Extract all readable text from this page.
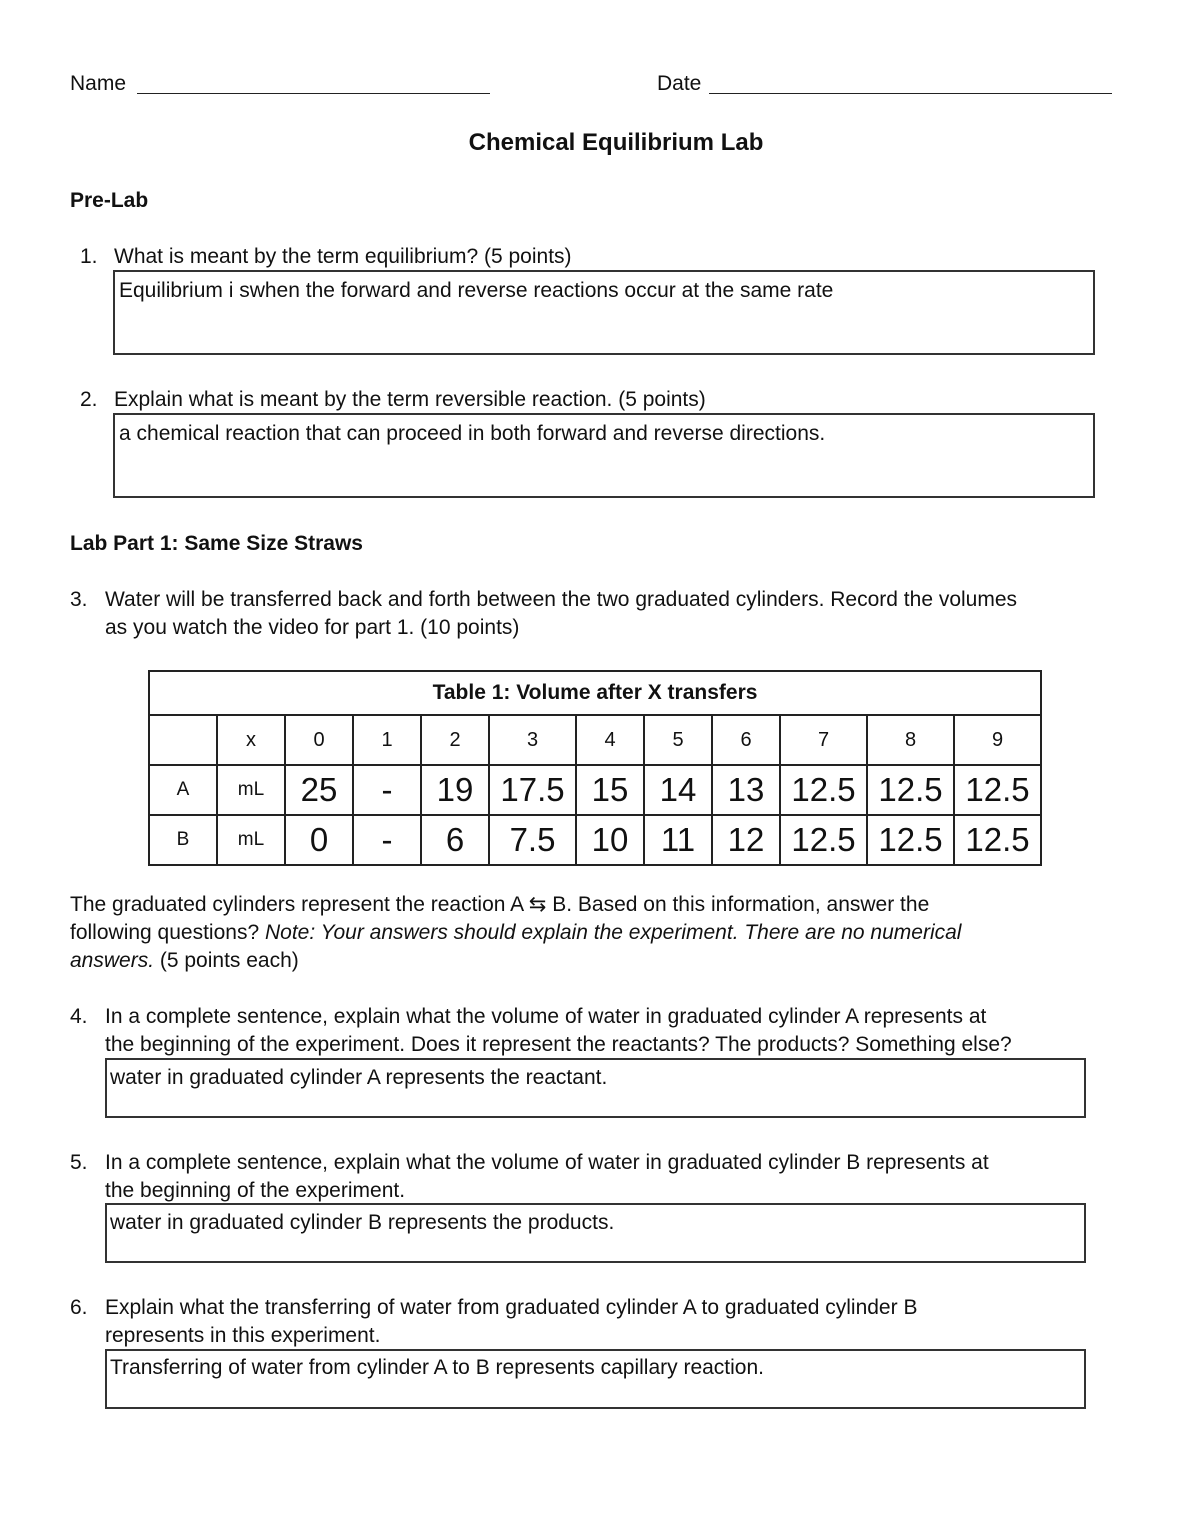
Name	Date
Chemical Equilibrium Lab
Pre-Lab
1. What is meant by the term equilibrium? (5 points)
Equilibrium i swhen the forward and reverse reactions occur at the same rate
2. Explain what is meant by the term reversible reaction. (5 points)
a chemical reaction that can proceed in both forward and reverse directions.
Lab Part 1: Same Size Straws
3. Water will be transferred back and forth between the two graduated cylinders. Record the volumes
as you watch the video for part 1. (10 points)
Table 1: Volume after X transfers											
	x	0	1	2	3	4	5	6	7	8	9
A	mL	25	-	19	17.5	15	14	13	12.5	12.5	12.5
B	mL	0	-	6	7.5	10	11	12	12.5	12.5	12.5
The graduated cylinders represent the reaction A ⇆ B. Based on this information, answer the
following questions? Note: Your answers should explain the experiment. There are no numerical
answers. (5 points each)
4. In a complete sentence, explain what the volume of water in graduated cylinder A represents at
the beginning of the experiment. Does it represent the reactants? The products? Something else?
water in graduated cylinder A represents the reactant.
5. In a complete sentence, explain what the volume of water in graduated cylinder B represents at
the beginning of the experiment.
water in graduated cylinder B represents the products.
6. Explain what the transferring of water from graduated cylinder A to graduated cylinder B
represents in this experiment.
Transferring of water from cylinder A to B represents capillary reaction.
